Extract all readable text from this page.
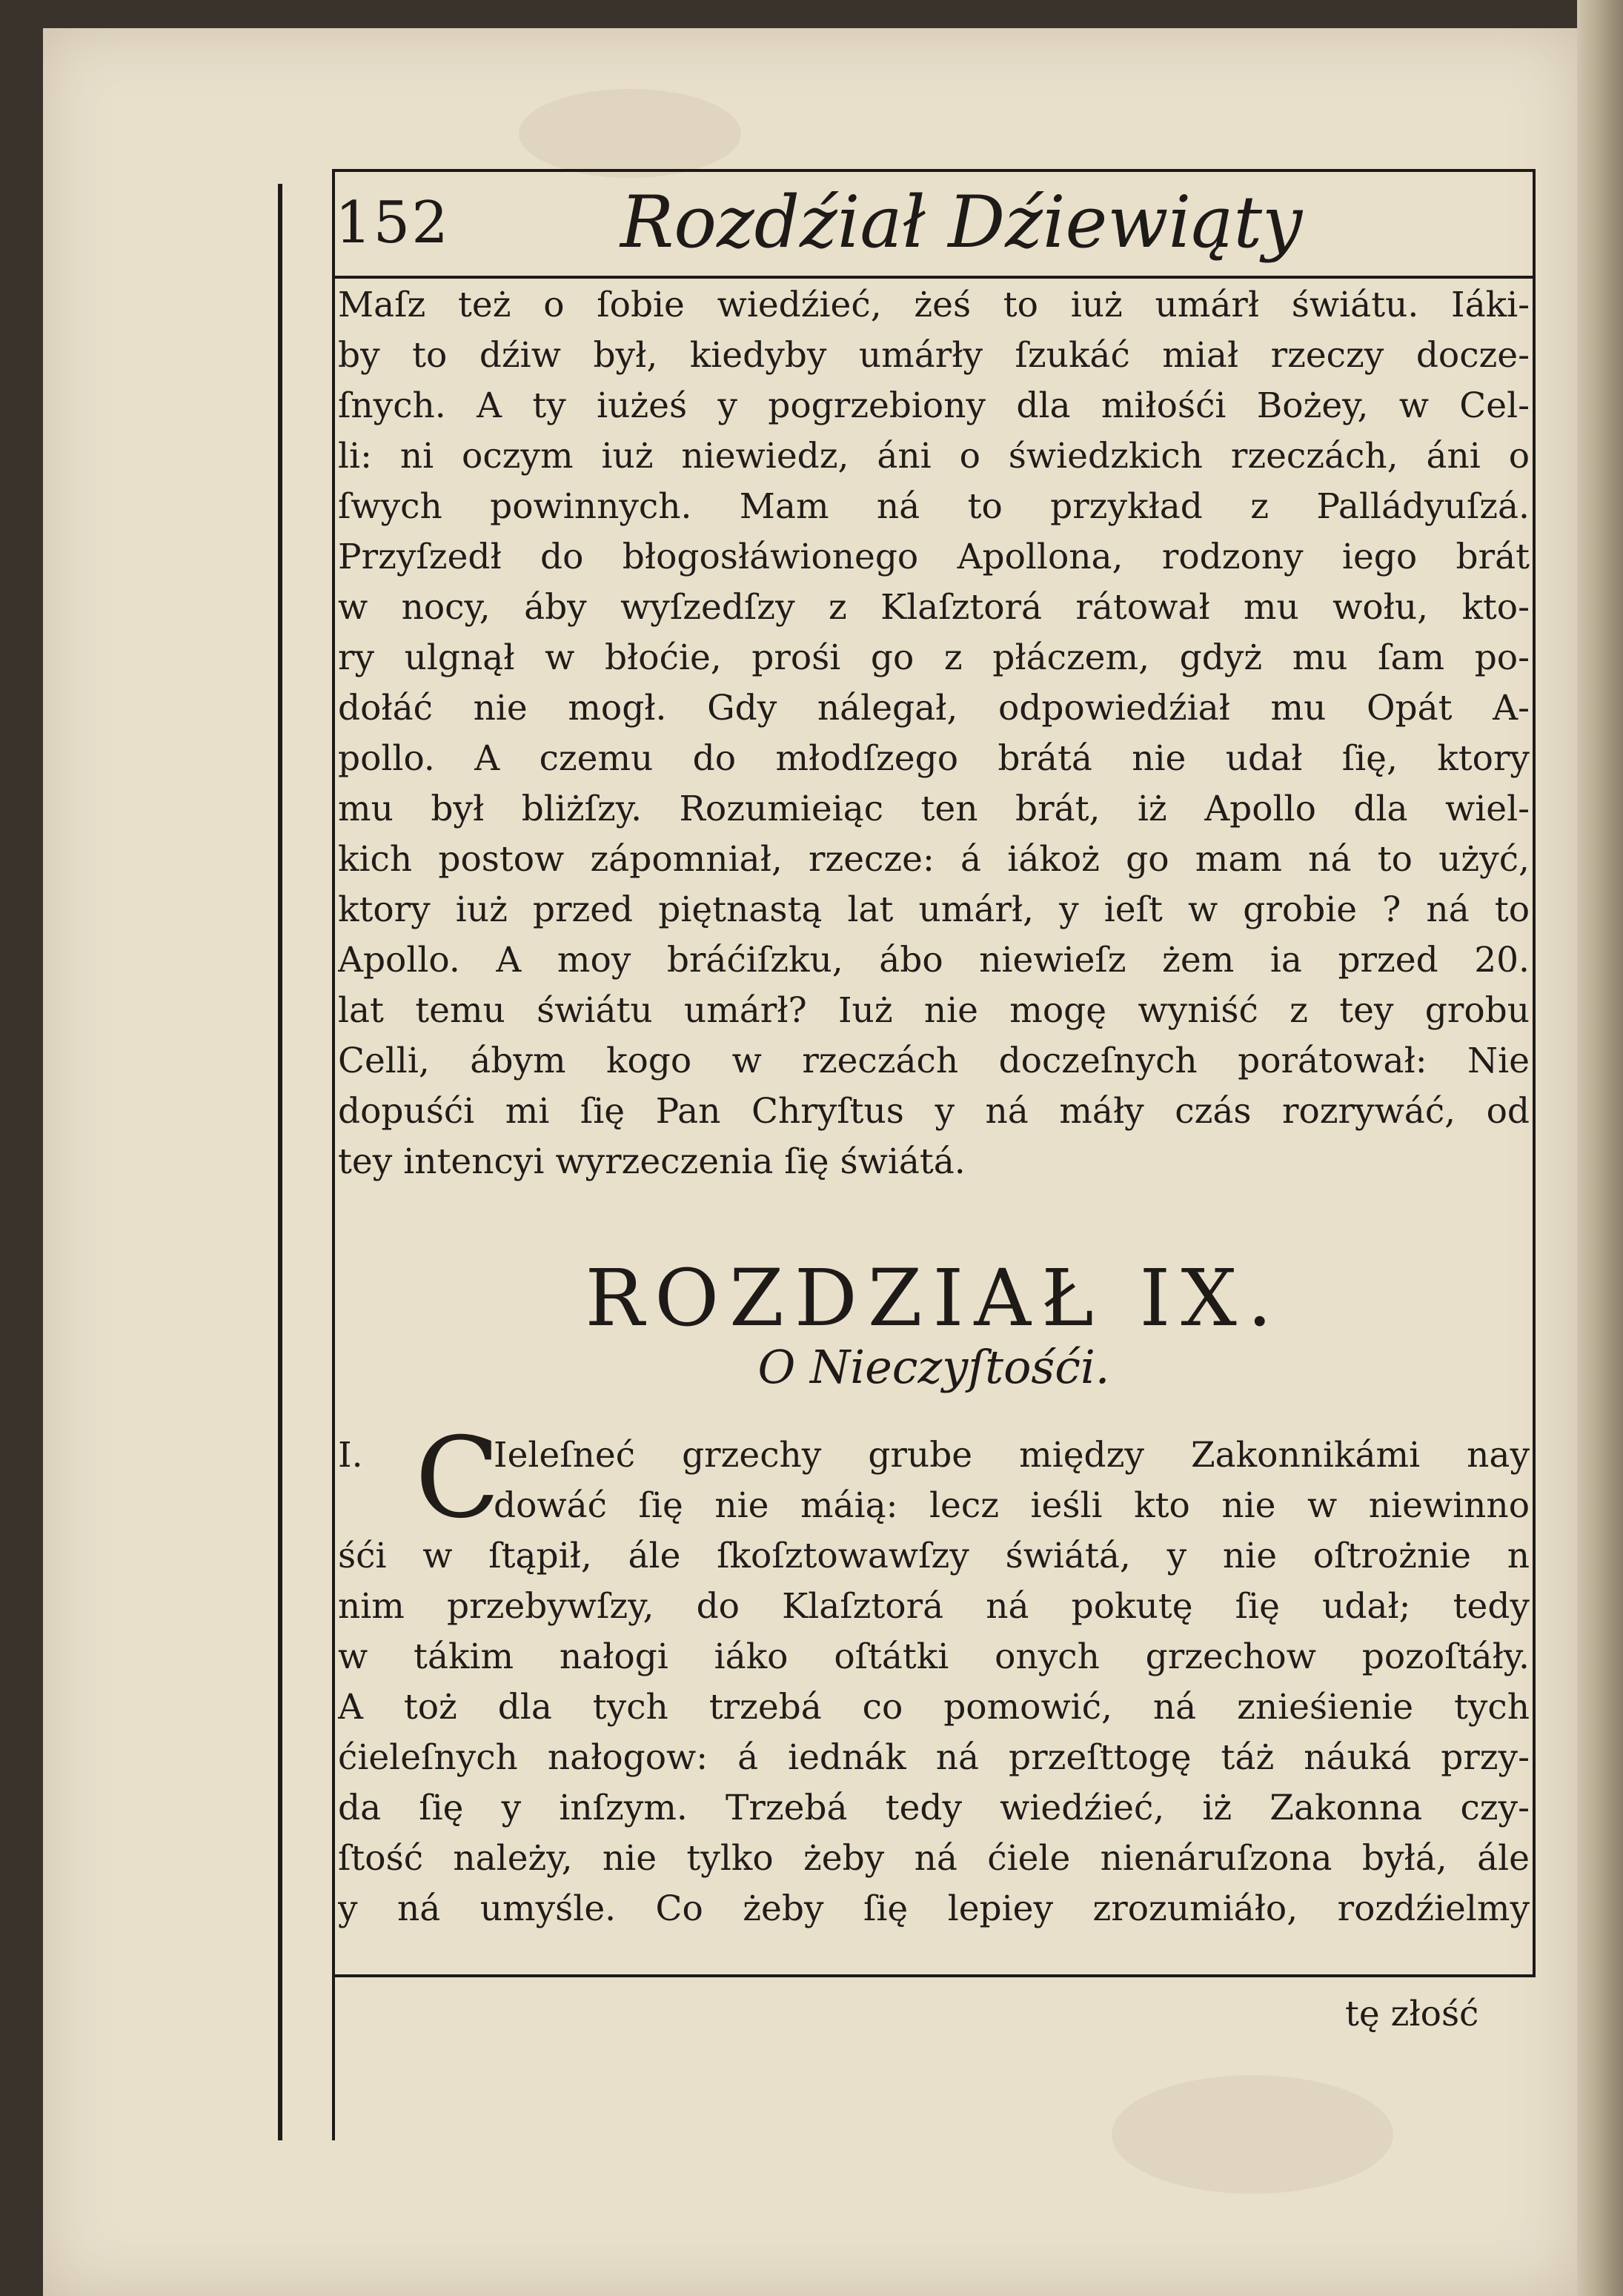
152 Rozdźiał Dźiewiąty
Maſz też o ſobie wiedźieć, żeś to iuż umárł świátu. Iáki-
by to dźiw był, kiedyby umárły ſzukáć miał rzeczy docze-
ſnych. A ty iużeś y pogrzebiony dla miłośći Bożey, w Cel-
li: ni oczym iuż niewiedz, áni o świedzkich rzeczách, áni o
ſwych powinnych. Mam ná to przykład z Palládyuſzá.
Przyſzedł do błogosłáwionego Apollona, rodzony iego brát
w nocy, áby wyſzedſzy z Klaſztorá rátował mu wołu, kto-
ry ulgnął w błoćie, prośi go z płáczem, gdyż mu ſam po-
dołáć nie mogł. Gdy nálegał, odpowiedźiał mu Opát A-
pollo. A czemu do młodſzego brátá nie udał ſię, ktory
mu był bliżſzy. Rozumieiąc ten brát, iż Apollo dla wiel-
kich postow zápomniał, rzecze: á iákoż go mam ná to użyć,
ktory iuż przed piętnastą lat umárł, y ieſt w grobie ? ná to
Apollo. A moy bráćiſzku, ábo niewieſz żem ia przed 20.
lat temu świátu umárł? Iuż nie mogę wyniść z tey grobu
Celli, ábym kogo w rzeczách doczeſnych porátował: Nie
dopuśći mi ſię Pan Chryſtus y ná máły czás rozrywáć, od
tey intencyi wyrzeczenia ſię świátá.
ROZDZIAŁ IX.
O Nieczyſtośći.
I. C
Ieleſneć grzechy grube między Zakonnikámi nay
dowáć ſię nie máią: lecz ieśli kto nie w niewinno
śći w ſtąpił, ále ſkoſztowawſzy świátá, y nie oſtrożnie n
nim przebywſzy, do Klaſztorá ná pokutę ſię udał; tedy
w tákim nałogi iáko oſtátki onych grzechow pozoſtáły.
A toż dla tych trzebá co pomowić, ná znieśienie tych
ćieleſnych nałogow: á iednák ná przeſttogę táż náuká przy-
da ſię y inſzym. Trzebá tedy wiedźieć, iż Zakonna czy-
ſtość należy, nie tylko żeby ná ćiele nienáruſzona byłá, ále
y ná umyśle. Co żeby ſię lepiey zrozumiáło, rozdźielmy
tę złość
